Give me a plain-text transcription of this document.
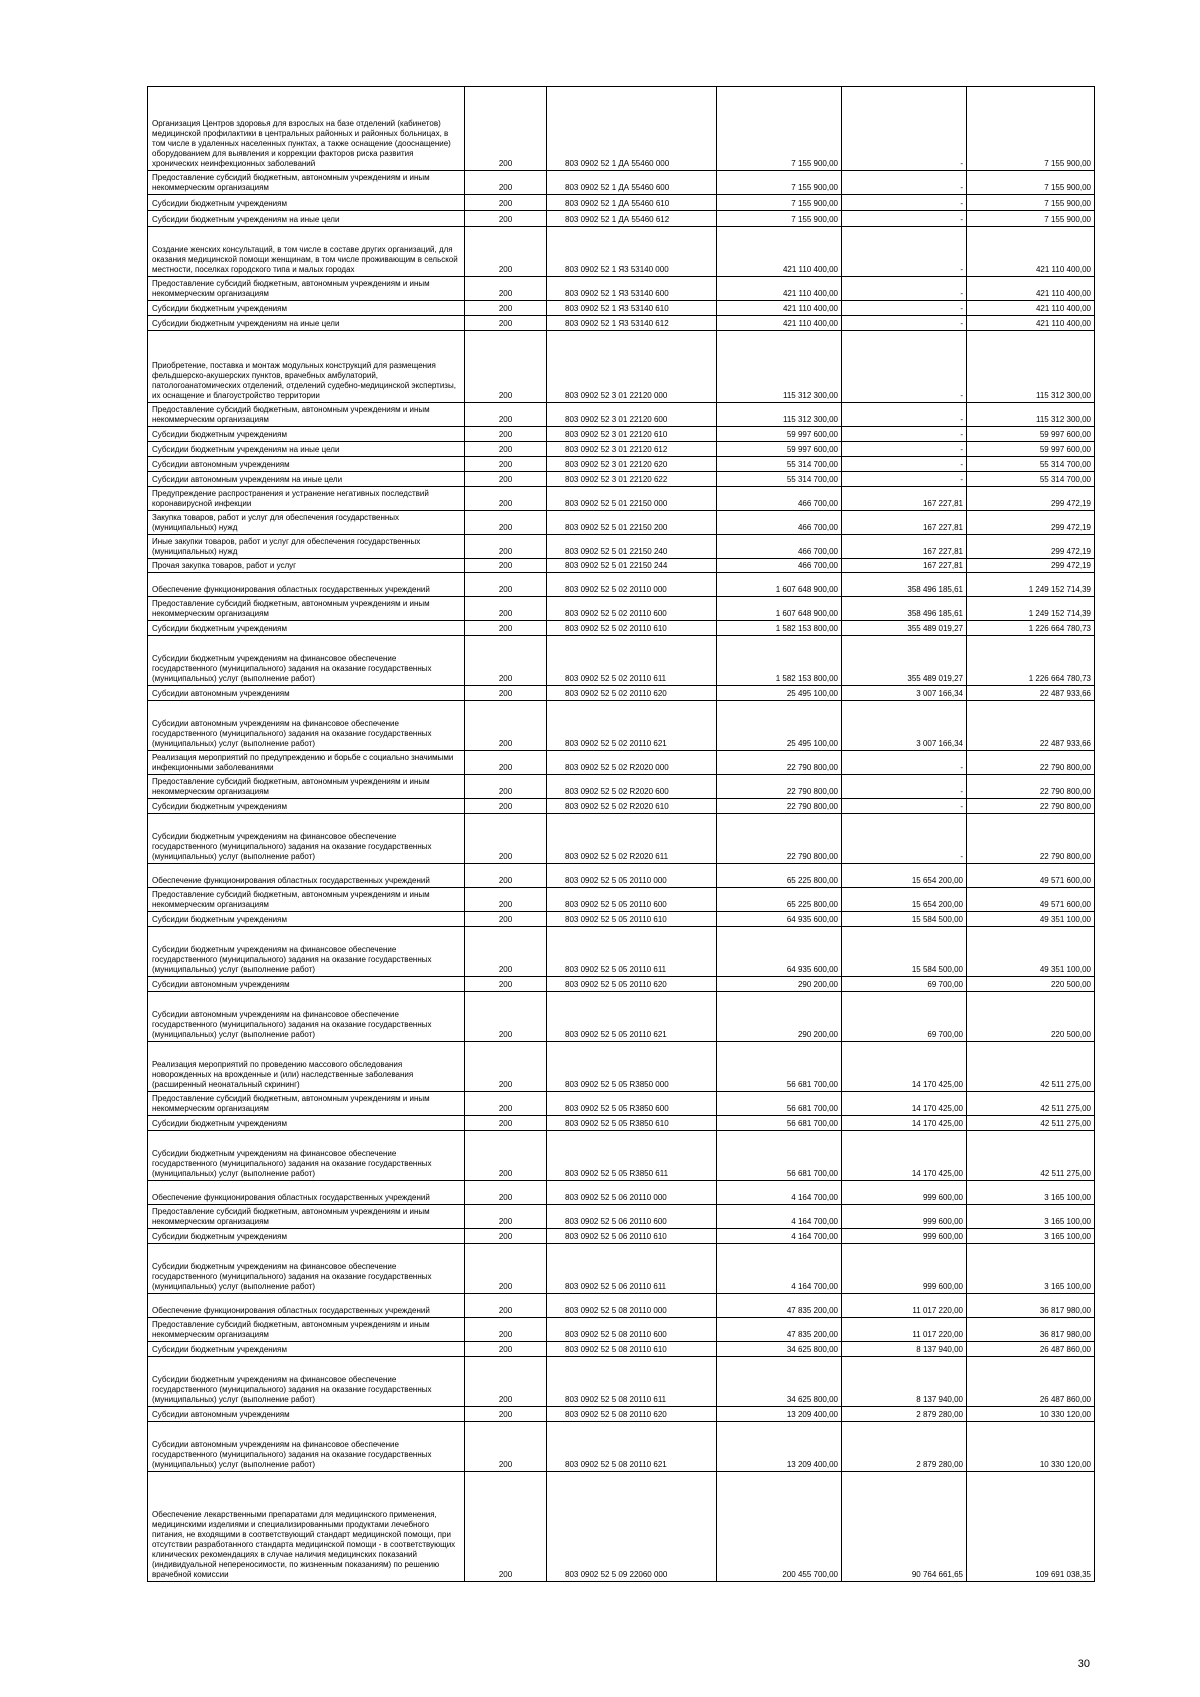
Организация Центров здоровья для взрослых на базе отделений (кабинетов) медицинской профилактики в центральных районных и районных больницах, в том числе в удаленных населенных пунктах, а также оснащение (дооснащение) оборудованием для выявления и коррекции факторов риска развития хронических неинфекционных заболеваний	200	803 0902 52 1 ДА 55460 000	7 155 900,00	-	7 155 900,00
Предоставление субсидий бюджетным, автономным учреждениям и иным некоммерческим организациям	200	803 0902 52 1 ДА 55460 600	7 155 900,00	-	7 155 900,00
Субсидии бюджетным учреждениям	200	803 0902 52 1 ДА 55460 610	7 155 900,00	-	7 155 900,00
Субсидии бюджетным учреждениям на иные цели	200	803 0902 52 1 ДА 55460 612	7 155 900,00	-	7 155 900,00
Создание женских консультаций, в том числе в составе других организаций, для оказания медицинской помощи женщинам, в том числе проживающим в сельской местности, поселках городского типа и малых городах	200	803 0902 52 1 Я3 53140 000	421 110 400,00	-	421 110 400,00
Предоставление субсидий бюджетным, автономным учреждениям и иным некоммерческим организациям	200	803 0902 52 1 Я3 53140 600	421 110 400,00	-	421 110 400,00
Субсидии бюджетным учреждениям	200	803 0902 52 1 Я3 53140 610	421 110 400,00	-	421 110 400,00
Субсидии бюджетным учреждениям на иные цели	200	803 0902 52 1 Я3 53140 612	421 110 400,00	-	421 110 400,00
Приобретение, поставка и монтаж модульных конструкций для размещения фельдшерско-акушерских пунктов, врачебных амбулаторий, патологоанатомических отделений, отделений судебно-медицинской экспертизы, их оснащение и благоустройство территории	200	803 0902 52 3 01 22120 000	115 312 300,00	-	115 312 300,00
Предоставление субсидий бюджетным, автономным учреждениям и иным некоммерческим организациям	200	803 0902 52 3 01 22120 600	115 312 300,00	-	115 312 300,00
Субсидии бюджетным учреждениям	200	803 0902 52 3 01 22120 610	59 997 600,00	-	59 997 600,00
Субсидии бюджетным учреждениям на иные цели	200	803 0902 52 3 01 22120 612	59 997 600,00	-	59 997 600,00
Субсидии автономным учреждениям	200	803 0902 52 3 01 22120 620	55 314 700,00	-	55 314 700,00
Субсидии автономным учреждениям на иные цели	200	803 0902 52 3 01 22120 622	55 314 700,00	-	55 314 700,00
Предупреждение распространения и устранение негативных последствий коронавирусной инфекции	200	803 0902 52 5 01 22150 000	466 700,00	167 227,81	299 472,19
Закупка товаров, работ и услуг для обеспечения государственных (муниципальных) нужд	200	803 0902 52 5 01 22150 200	466 700,00	167 227,81	299 472,19
Иные закупки товаров, работ и услуг для обеспечения государственных (муниципальных) нужд	200	803 0902 52 5 01 22150 240	466 700,00	167 227,81	299 472,19
Прочая закупка товаров, работ и услуг	200	803 0902 52 5 01 22150 244	466 700,00	167 227,81	299 472,19
Обеспечение функционирования областных государственных учреждений	200	803 0902 52 5 02 20110 000	1 607 648 900,00	358 496 185,61	1 249 152 714,39
Предоставление субсидий бюджетным, автономным учреждениям и иным некоммерческим организациям	200	803 0902 52 5 02 20110 600	1 607 648 900,00	358 496 185,61	1 249 152 714,39
Субсидии бюджетным учреждениям	200	803 0902 52 5 02 20110 610	1 582 153 800,00	355 489 019,27	1 226 664 780,73
Субсидии бюджетным учреждениям на финансовое обеспечение государственного (муниципального) задания на оказание государственных (муниципальных) услуг (выполнение работ)	200	803 0902 52 5 02 20110 611	1 582 153 800,00	355 489 019,27	1 226 664 780,73
Субсидии автономным учреждениям	200	803 0902 52 5 02 20110 620	25 495 100,00	3 007 166,34	22 487 933,66
Субсидии автономным учреждениям на финансовое обеспечение государственного (муниципального) задания на оказание государственных (муниципальных) услуг (выполнение работ)	200	803 0902 52 5 02 20110 621	25 495 100,00	3 007 166,34	22 487 933,66
Реализация мероприятий по предупреждению и борьбе с социально значимыми инфекционными заболеваниями	200	803 0902 52 5 02 R2020 000	22 790 800,00	-	22 790 800,00
Предоставление субсидий бюджетным, автономным учреждениям и иным некоммерческим организациям	200	803 0902 52 5 02 R2020 600	22 790 800,00	-	22 790 800,00
Субсидии бюджетным учреждениям	200	803 0902 52 5 02 R2020 610	22 790 800,00	-	22 790 800,00
Субсидии бюджетным учреждениям на финансовое обеспечение государственного (муниципального) задания на оказание государственных (муниципальных) услуг (выполнение работ)	200	803 0902 52 5 02 R2020 611	22 790 800,00	-	22 790 800,00
Обеспечение функционирования областных государственных учреждений	200	803 0902 52 5 05 20110 000	65 225 800,00	15 654 200,00	49 571 600,00
Предоставление субсидий бюджетным, автономным учреждениям и иным некоммерческим организациям	200	803 0902 52 5 05 20110 600	65 225 800,00	15 654 200,00	49 571 600,00
Субсидии бюджетным учреждениям	200	803 0902 52 5 05 20110 610	64 935 600,00	15 584 500,00	49 351 100,00
Субсидии бюджетным учреждениям на финансовое обеспечение государственного (муниципального) задания на оказание государственных (муниципальных) услуг (выполнение работ)	200	803 0902 52 5 05 20110 611	64 935 600,00	15 584 500,00	49 351 100,00
Субсидии автономным учреждениям	200	803 0902 52 5 05 20110 620	290 200,00	69 700,00	220 500,00
Субсидии автономным учреждениям на финансовое обеспечение государственного (муниципального) задания на оказание государственных (муниципальных) услуг (выполнение работ)	200	803 0902 52 5 05 20110 621	290 200,00	69 700,00	220 500,00
Реализация мероприятий по проведению массового обследования новорожденных на врожденные и (или) наследственные заболевания (расширенный неонатальный скрининг)	200	803 0902 52 5 05 R3850 000	56 681 700,00	14 170 425,00	42 511 275,00
Предоставление субсидий бюджетным, автономным учреждениям и иным некоммерческим организациям	200	803 0902 52 5 05 R3850 600	56 681 700,00	14 170 425,00	42 511 275,00
Субсидии бюджетным учреждениям	200	803 0902 52 5 05 R3850 610	56 681 700,00	14 170 425,00	42 511 275,00
Субсидии бюджетным учреждениям на финансовое обеспечение государственного (муниципального) задания на оказание государственных (муниципальных) услуг (выполнение работ)	200	803 0902 52 5 05 R3850 611	56 681 700,00	14 170 425,00	42 511 275,00
Обеспечение функционирования областных государственных учреждений	200	803 0902 52 5 06 20110 000	4 164 700,00	999 600,00	3 165 100,00
Предоставление субсидий бюджетным, автономным учреждениям и иным некоммерческим организациям	200	803 0902 52 5 06 20110 600	4 164 700,00	999 600,00	3 165 100,00
Субсидии бюджетным учреждениям	200	803 0902 52 5 06 20110 610	4 164 700,00	999 600,00	3 165 100,00
Субсидии бюджетным учреждениям на финансовое обеспечение государственного (муниципального) задания на оказание государственных (муниципальных) услуг (выполнение работ)	200	803 0902 52 5 06 20110 611	4 164 700,00	999 600,00	3 165 100,00
Обеспечение функционирования областных государственных учреждений	200	803 0902 52 5 08 20110 000	47 835 200,00	11 017 220,00	36 817 980,00
Предоставление субсидий бюджетным, автономным учреждениям и иным некоммерческим организациям	200	803 0902 52 5 08 20110 600	47 835 200,00	11 017 220,00	36 817 980,00
Субсидии бюджетным учреждениям	200	803 0902 52 5 08 20110 610	34 625 800,00	8 137 940,00	26 487 860,00
Субсидии бюджетным учреждениям на финансовое обеспечение государственного (муниципального) задания на оказание государственных (муниципальных) услуг (выполнение работ)	200	803 0902 52 5 08 20110 611	34 625 800,00	8 137 940,00	26 487 860,00
Субсидии автономным учреждениям	200	803 0902 52 5 08 20110 620	13 209 400,00	2 879 280,00	10 330 120,00
Субсидии автономным учреждениям на финансовое обеспечение государственного (муниципального) задания на оказание государственных (муниципальных) услуг (выполнение работ)	200	803 0902 52 5 08 20110 621	13 209 400,00	2 879 280,00	10 330 120,00
Обеспечение лекарственными препаратами для медицинского применения, медицинскими изделиями и специализированными продуктами лечебного питания, не входящими в соответствующий стандарт медицинской помощи, при отсутствии разработанного стандарта медицинской помощи - в соответствующих клинических рекомендациях в случае наличия медицинских показаний (индивидуальной непереносимости, по жизненным показаниям) по решению врачебной комиссии	200	803 0902 52 5 09 22060 000	200 455 700,00	90 764 661,65	109 691 038,35
30
